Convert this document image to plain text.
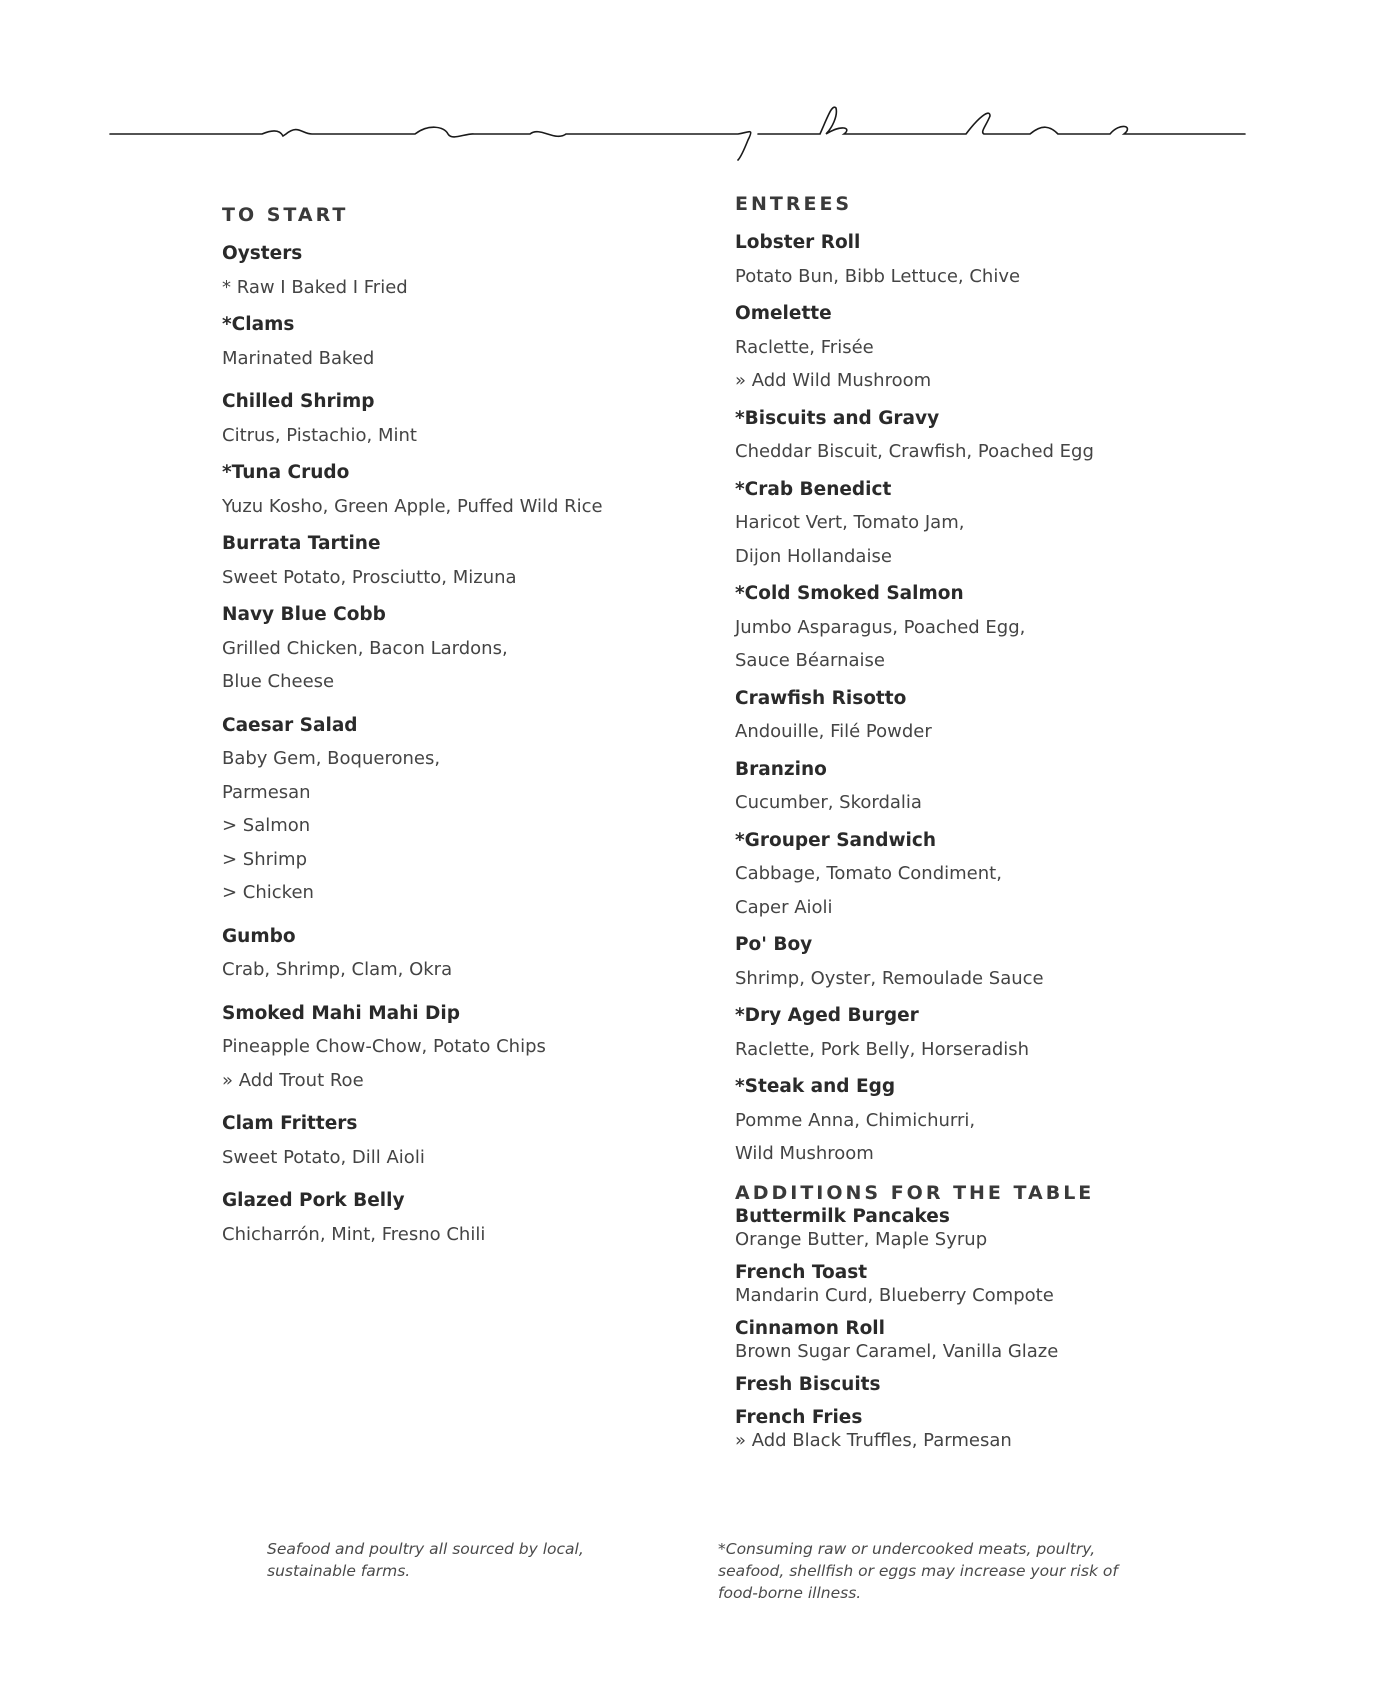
TO START
Oysters
* Raw I Baked I Fried
*Clams
Marinated Baked
Chilled Shrimp
Citrus, Pistachio, Mint
*Tuna Crudo
Yuzu Kosho, Green Apple, Puffed Wild Rice
Burrata Tartine
Sweet Potato, Prosciutto, Mizuna
Navy Blue Cobb
Grilled Chicken, Bacon Lardons,
Blue Cheese
Caesar Salad
Baby Gem, Boquerones,
Parmesan
> Salmon
> Shrimp
> Chicken
Gumbo
Crab, Shrimp, Clam, Okra
Smoked Mahi Mahi Dip
Pineapple Chow-Chow, Potato Chips
» Add Trout Roe
Clam Fritters
Sweet Potato, Dill Aioli
Glazed Pork Belly
Chicharrón, Mint, Fresno Chili
ENTREES
Lobster Roll
Potato Bun, Bibb Lettuce, Chive
Omelette
Raclette, Frisée
» Add Wild Mushroom
*Biscuits and Gravy
Cheddar Biscuit, Crawfish, Poached Egg
*Crab Benedict
Haricot Vert, Tomato Jam,
Dijon Hollandaise
*Cold Smoked Salmon
Jumbo Asparagus, Poached Egg,
Sauce Béarnaise
Crawfish Risotto
Andouille, Filé Powder
Branzino
Cucumber, Skordalia
*Grouper Sandwich
Cabbage, Tomato Condiment,
Caper Aioli
Po' Boy
Shrimp, Oyster, Remoulade Sauce
*Dry Aged Burger
Raclette, Pork Belly, Horseradish
*Steak and Egg
Pomme Anna, Chimichurri,
Wild Mushroom
ADDITIONS FOR THE TABLE
Buttermilk Pancakes
Orange Butter, Maple Syrup
French Toast
Mandarin Curd, Blueberry Compote
Cinnamon Roll
Brown Sugar Caramel, Vanilla Glaze
Fresh Biscuits
French Fries
» Add Black Truffles, Parmesan
Seafood and poultry all sourced by local,
sustainable farms.
*Consuming raw or undercooked meats, poultry,
seafood, shellfish or eggs may increase your risk of
food-borne illness.
